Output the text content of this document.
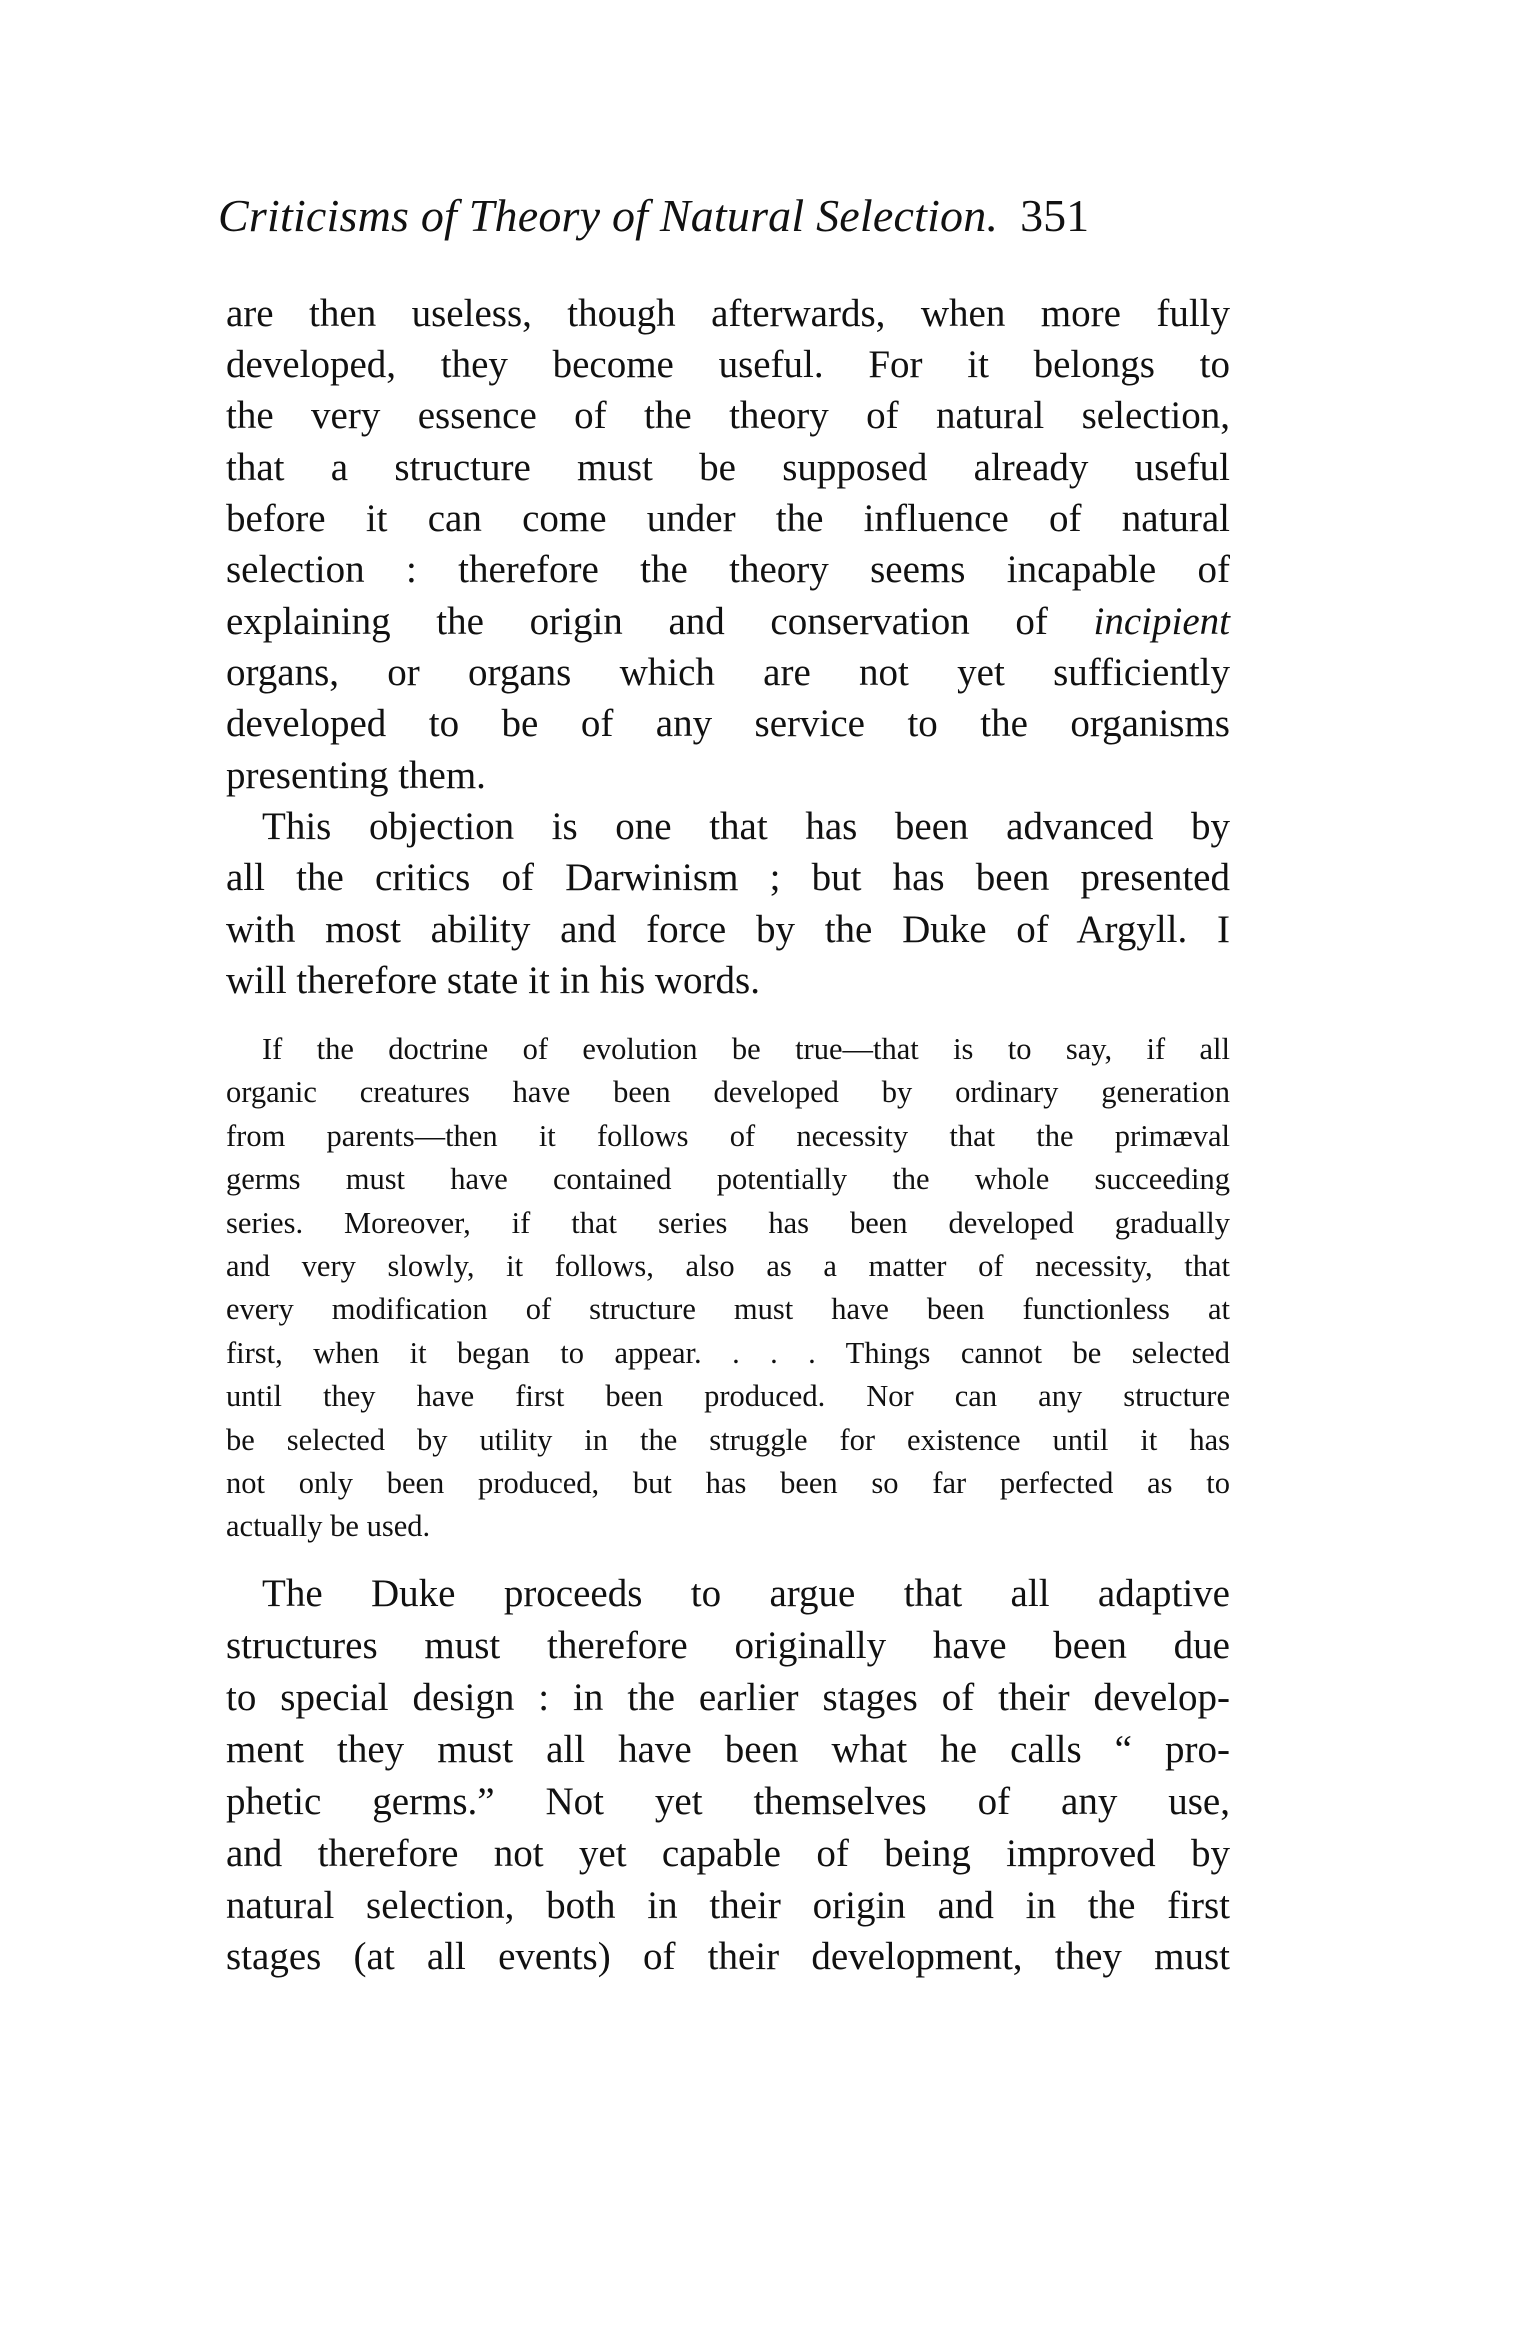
Criticisms of Theory of Natural Selection. 351
are then useless, though afterwards, when more fully
developed, they become useful. For it belongs to
the very essence of the theory of natural selection,
that a structure must be supposed already useful
before it can come under the influence of natural
selection : therefore the theory seems incapable of
explaining the origin and conservation of incipient
organs, or organs which are not yet sufficiently
developed to be of any service to the organisms
presenting them.
This objection is one that has been advanced by
all the critics of Darwinism ; but has been presented
with most ability and force by the Duke of Argyll. I
will therefore state it in his words.
If the doctrine of evolution be true—that is to say, if all
organic creatures have been developed by ordinary generation
from parents—then it follows of necessity that the primæval
germs must have contained potentially the whole succeeding
series. Moreover, if that series has been developed gradually
and very slowly, it follows, also as a matter of necessity, that
every modification of structure must have been functionless at
first, when it began to appear. . . . Things cannot be selected
until they have first been produced. Nor can any structure
be selected by utility in the struggle for existence until it has
not only been produced, but has been so far perfected as to
actually be used.
The Duke proceeds to argue that all adaptive
structures must therefore originally have been due
to special design : in the earlier stages of their develop-
ment they must all have been what he calls “ pro-
phetic germs.” Not yet themselves of any use,
and therefore not yet capable of being improved by
natural selection, both in their origin and in the first
stages (at all events) of their development, they must
